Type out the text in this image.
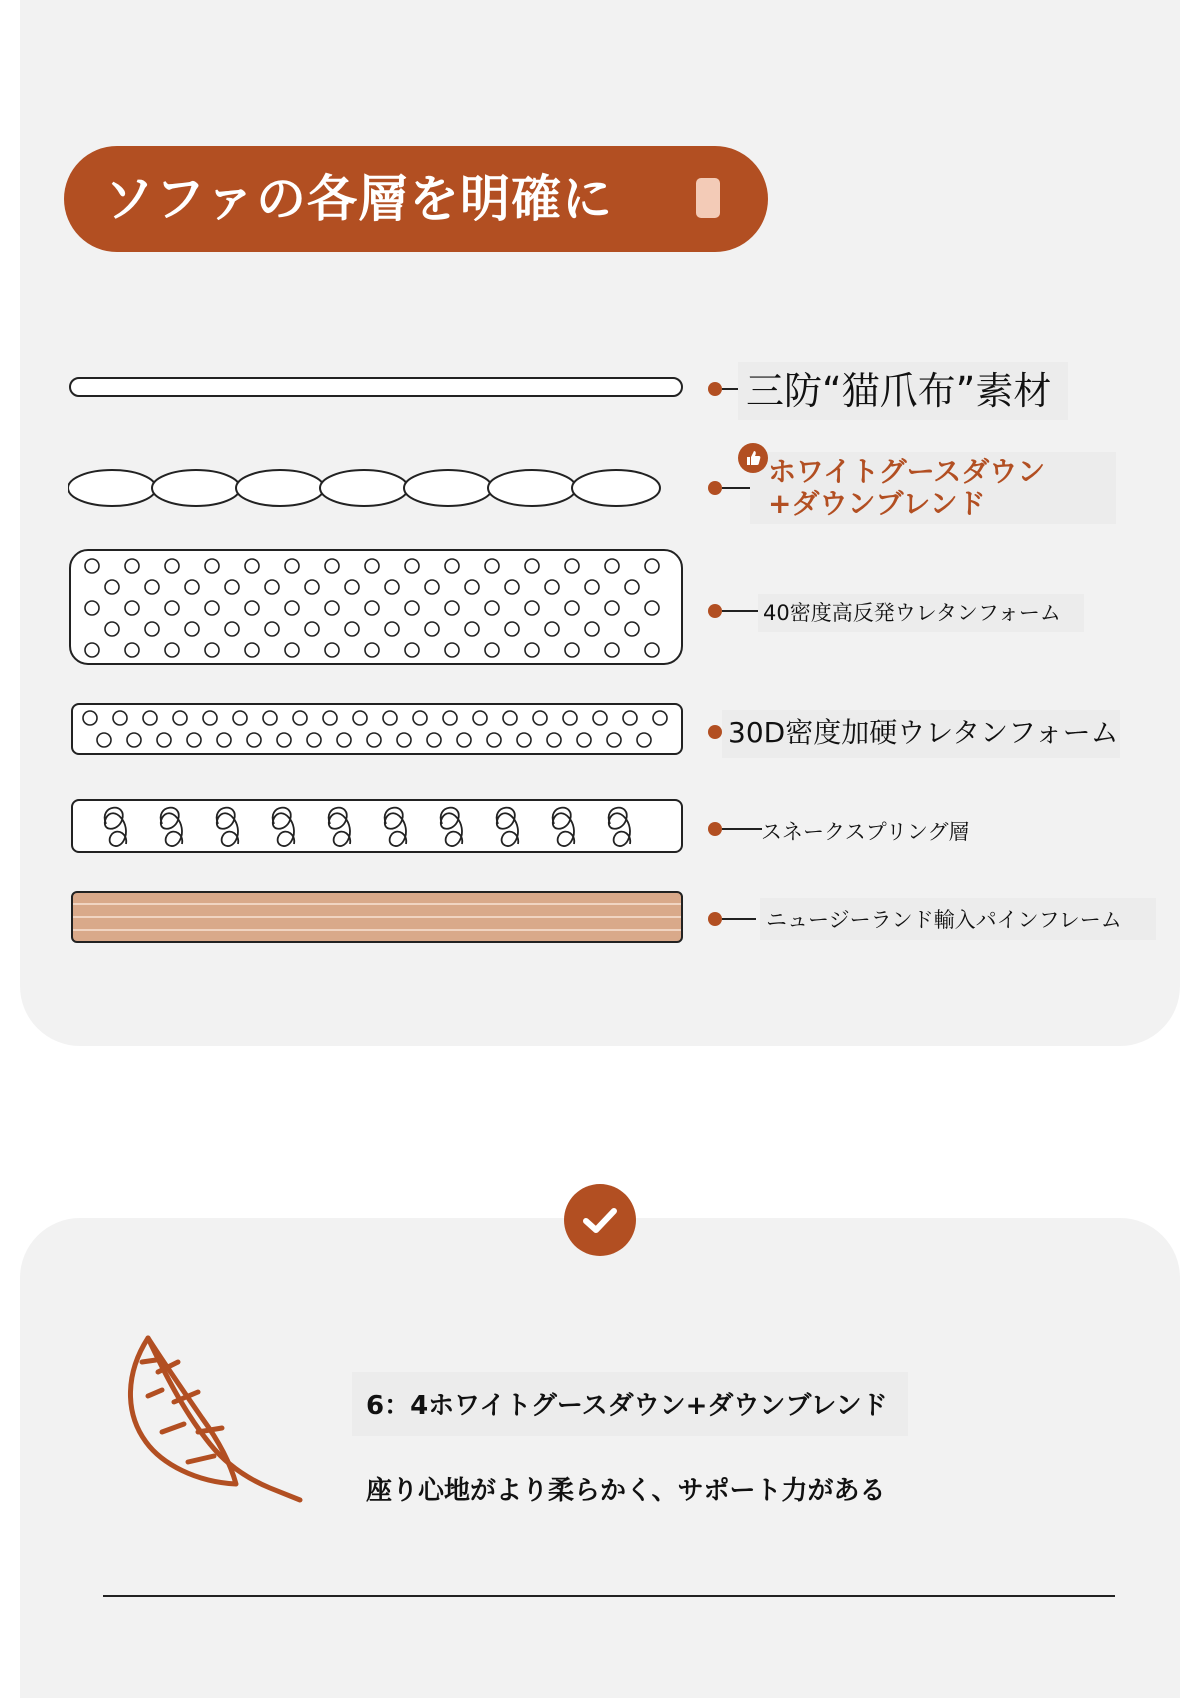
ソファの各層を明確に
三防“猫爪布”素材
ホワイトグースダウン+ダウンブレンド
40密度高反発ウレタンフォーム
30D密度加硬ウレタンフォーム
スネークスプリング層
ニュージーランド輸入パインフレーム
6：4ホワイトグースダウン+ダウンブレンド
座り心地がより柔らかく、サポート力がある
